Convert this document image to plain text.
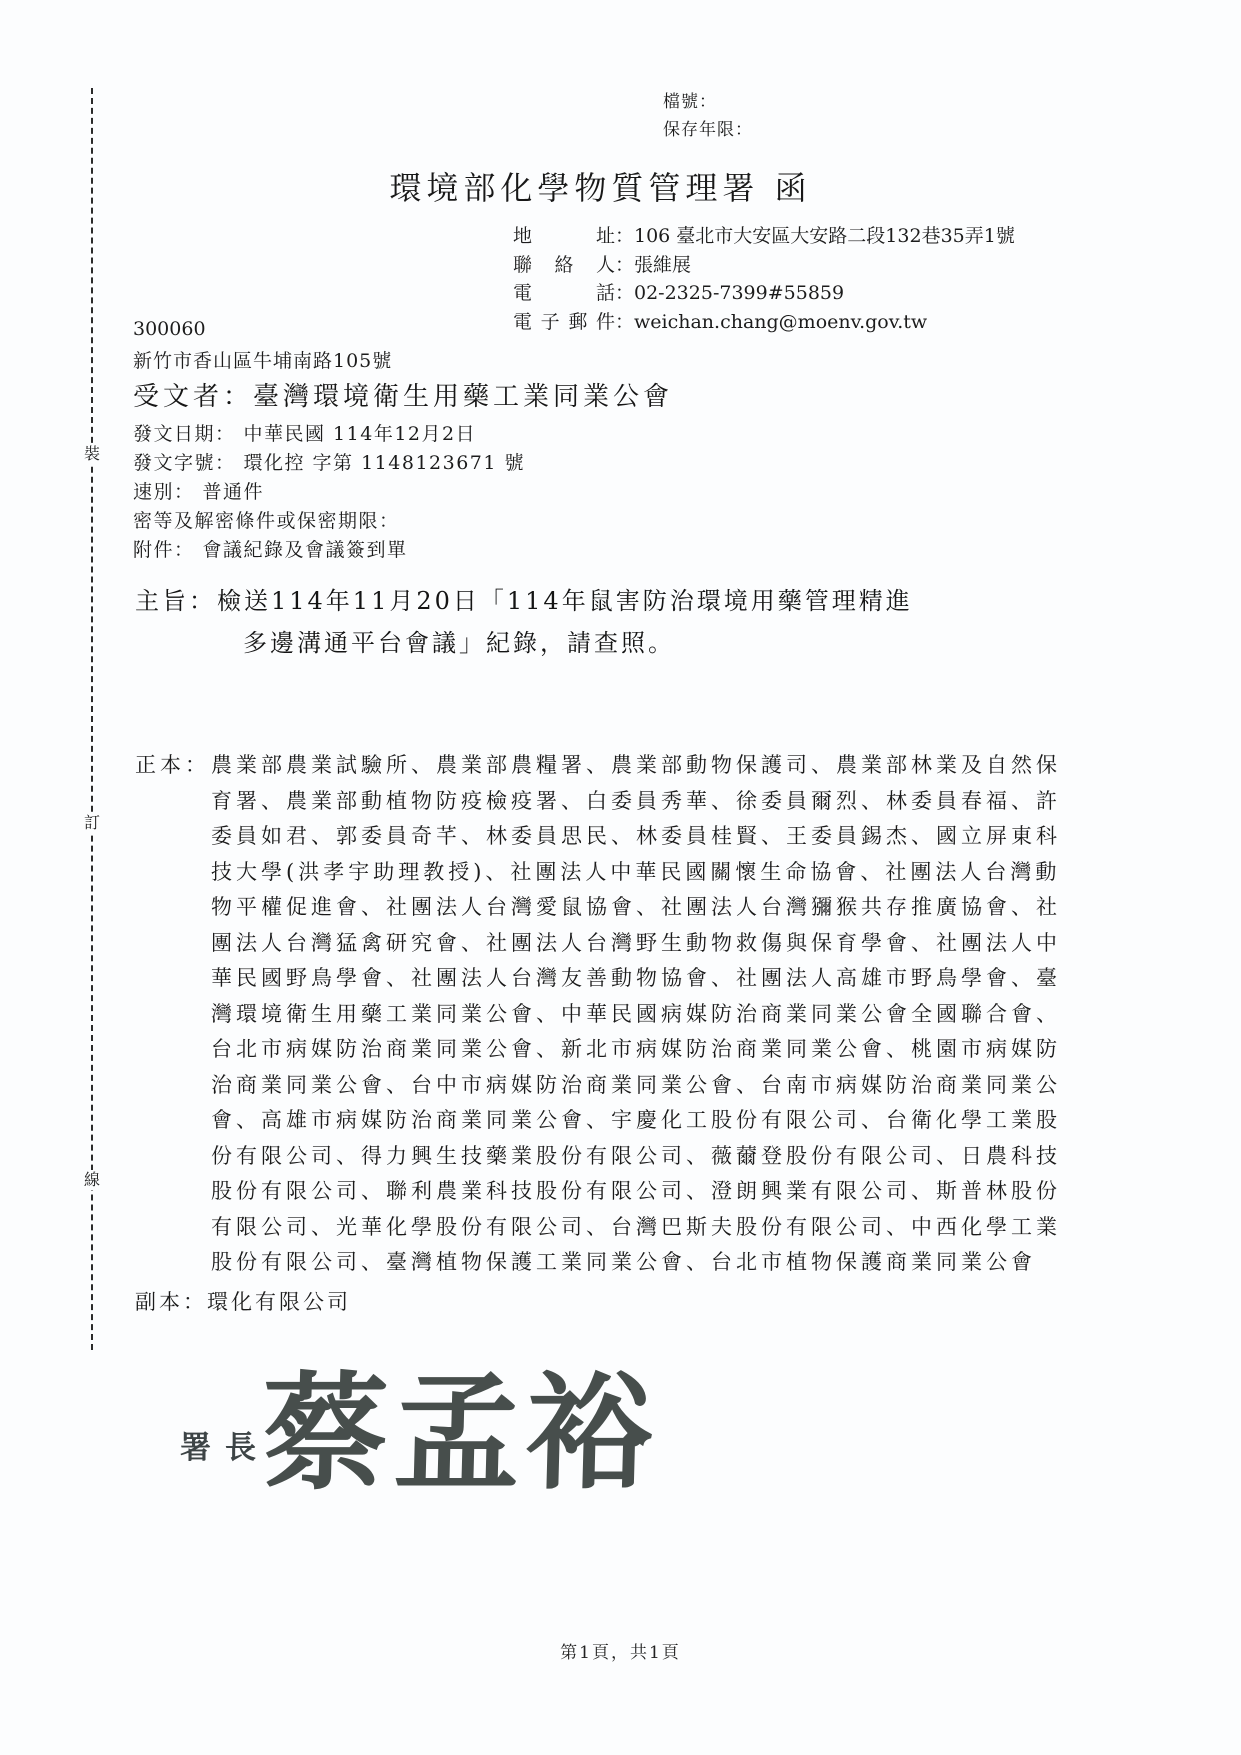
裝
訂
線
檔號：
保存年限：
環境部化學物質管理署 函
地址：106 臺北市大安區大安路二段132巷35弄1號
聯絡人：張維展
電話：02-2325-7399#55859
電子郵件：weichan.chang@moenv.gov.tw
300060
新竹市香山區牛埔南路105號
受文者：臺灣環境衛生用藥工業同業公會
發文日期： 中華民國 114年12月2日
發文字號： 環化控 字第 1148123671 號
速別： 普通件
密等及解密條件或保密期限：
附件： 會議紀錄及會議簽到單
主旨： 檢送114年11月20日「114年鼠害防治環境用藥管理精進
多邊溝通平台會議」紀錄，請查照。
正本： 農業部農業試驗所、農業部農糧署、農業部動物保護司、農業部林業及自然保
育署、農業部動植物防疫檢疫署、白委員秀華、徐委員爾烈、林委員春福、許
委員如君、郭委員奇芊、林委員思民、林委員桂賢、王委員錫杰、國立屏東科
技大學(洪孝宇助理教授)、社團法人中華民國關懷生命協會、社團法人台灣動
物平權促進會、社團法人台灣愛鼠協會、社團法人台灣獼猴共存推廣協會、社
團法人台灣猛禽研究會、社團法人台灣野生動物救傷與保育學會、社團法人中
華民國野鳥學會、社團法人台灣友善動物協會、社團法人高雄市野鳥學會、臺
灣環境衛生用藥工業同業公會、中華民國病媒防治商業同業公會全國聯合會、
台北市病媒防治商業同業公會、新北市病媒防治商業同業公會、桃園市病媒防
治商業同業公會、台中市病媒防治商業同業公會、台南市病媒防治商業同業公
會、高雄市病媒防治商業同業公會、宇慶化工股份有限公司、台衛化學工業股
份有限公司、得力興生技藥業股份有限公司、薇薾登股份有限公司、日農科技
股份有限公司、聯利農業科技股份有限公司、澄朗興業有限公司、斯普林股份
有限公司、光華化學股份有限公司、台灣巴斯夫股份有限公司、中西化學工業
股份有限公司、臺灣植物保護工業同業公會、台北市植物保護商業同業公會
副本：環化有限公司
署長
蔡孟裕
第1頁，共1頁
